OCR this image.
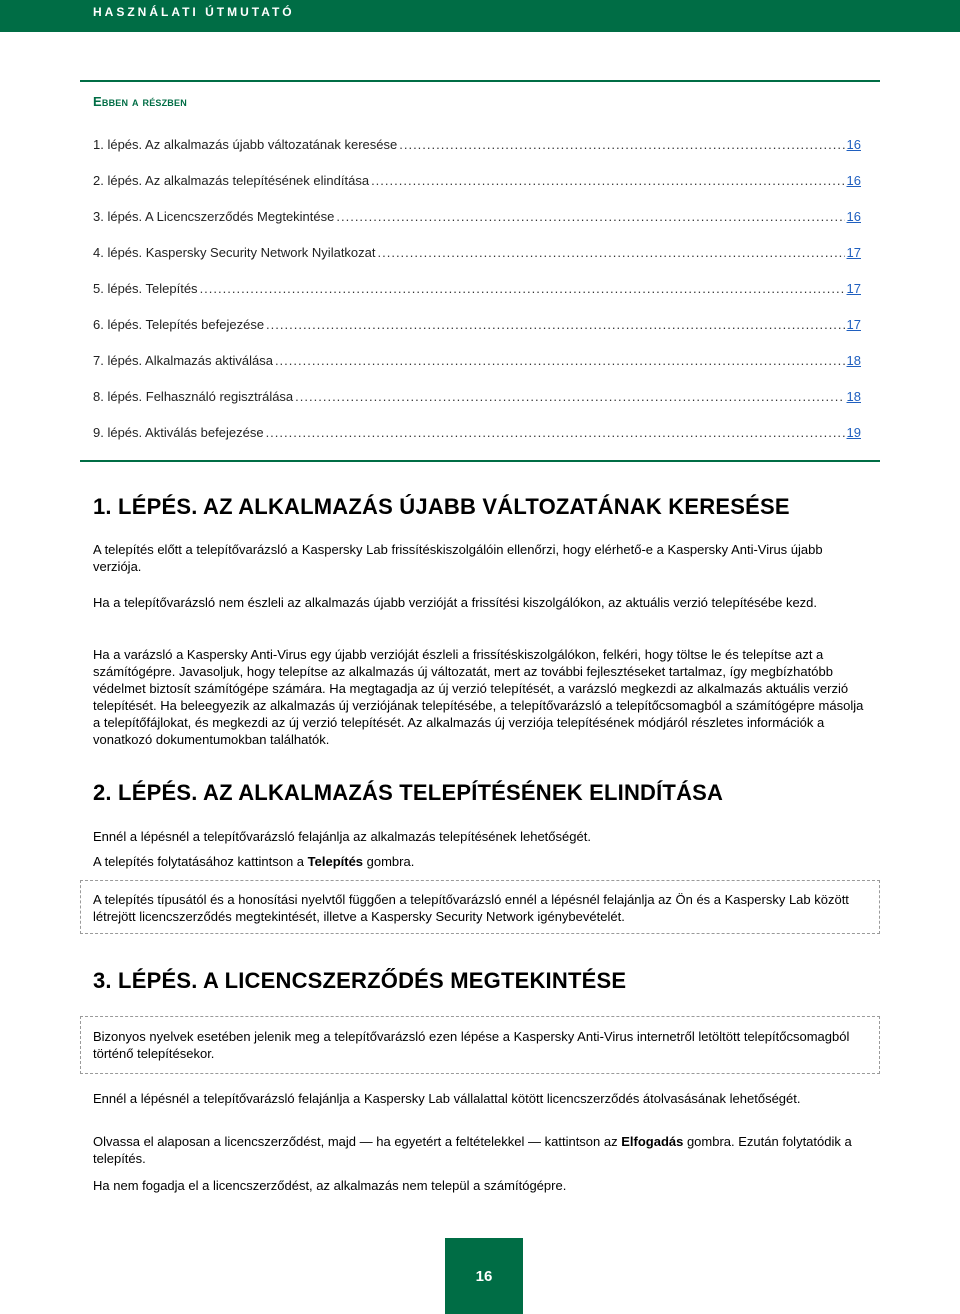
HASZNÁLATI ÚTMUTATÓ
Ebben a részben
1. lépés. Az alkalmazás újabb változatának keresése .....	16
2. lépés. Az alkalmazás telepítésének elindítása .....	16
3. lépés. A Licencszerződés Megtekintése .....	16
4. lépés. Kaspersky Security Network Nyilatkozat .....	17
5. lépés. Telepítés .....	17
6. lépés. Telepítés befejezése .....	17
7. lépés. Alkalmazás aktiválása .....	18
8. lépés. Felhasználó regisztrálása .....	18
9. lépés. Aktiválás befejezése .....	19
1. LÉPÉS. AZ ALKALMAZÁS ÚJABB VÁLTOZATÁNAK KERESÉSE

A telepítés előtt a telepítővarázsló a Kaspersky Lab frissítéskiszolgálóin ellenőrzi, hogy elérhető-e a Kaspersky Anti-Virus újabb verziója.

Ha a telepítővarázsló nem észleli az alkalmazás újabb verzióját a frissítési kiszolgálókon, az aktuális verzió telepítésébe kezd.

Ha a varázsló a Kaspersky Anti-Virus egy újabb verzióját észleli a frissítéskiszolgálókon, felkéri, hogy töltse le és telepítse azt a számítógépre. Javasoljuk, hogy telepítse az alkalmazás új változatát, mert az további fejlesztéseket tartalmaz, így megbízhatóbb védelmet biztosít számítógépe számára. Ha megtagadja az új verzió telepítését, a varázsló megkezdi az alkalmazás aktuális verzió telepítését. Ha beleegyezik az alkalmazás új verziójának telepítésébe, a telepítővarázsló a telepítőcsomagból a számítógépre másolja a telepítőfájlokat, és megkezdi az új verzió telepítését. Az alkalmazás új verziója telepítésének módjáról részletes információk a vonatkozó dokumentumokban találhatók.

2. LÉPÉS. AZ ALKALMAZÁS TELEPÍTÉSÉNEK ELINDÍTÁSA

Ennél a lépésnél a telepítővarázsló felajánlja az alkalmazás telepítésének lehetőségét.

A telepítés folytatásához kattintson a Telepítés gombra.

A telepítés típusától és a honosítási nyelvtől függően a telepítővarázsló ennél a lépésnél felajánlja az Ön és a Kaspersky Lab között létrejött licencszerződés megtekintését, illetve a Kaspersky Security Network igénybevételét.

3. LÉPÉS. A LICENCSZERZŐDÉS MEGTEKINTÉSE

Bizonyos nyelvek esetében jelenik meg a telepítővarázsló ezen lépése a Kaspersky Anti-Virus internetről letöltött telepítőcsomagból történő telepítésekor.

Ennél a lépésnél a telepítővarázsló felajánlja a Kaspersky Lab vállalattal kötött licencszerződés átolvasásának lehetőségét.

Olvassa el alaposan a licencszerződést, majd — ha egyetért a feltételekkel — kattintson az Elfogadás gombra. Ezután folytatódik a telepítés.

Ha nem fogadja el a licencszerződést, az alkalmazás nem települ a számítógépre.

16
